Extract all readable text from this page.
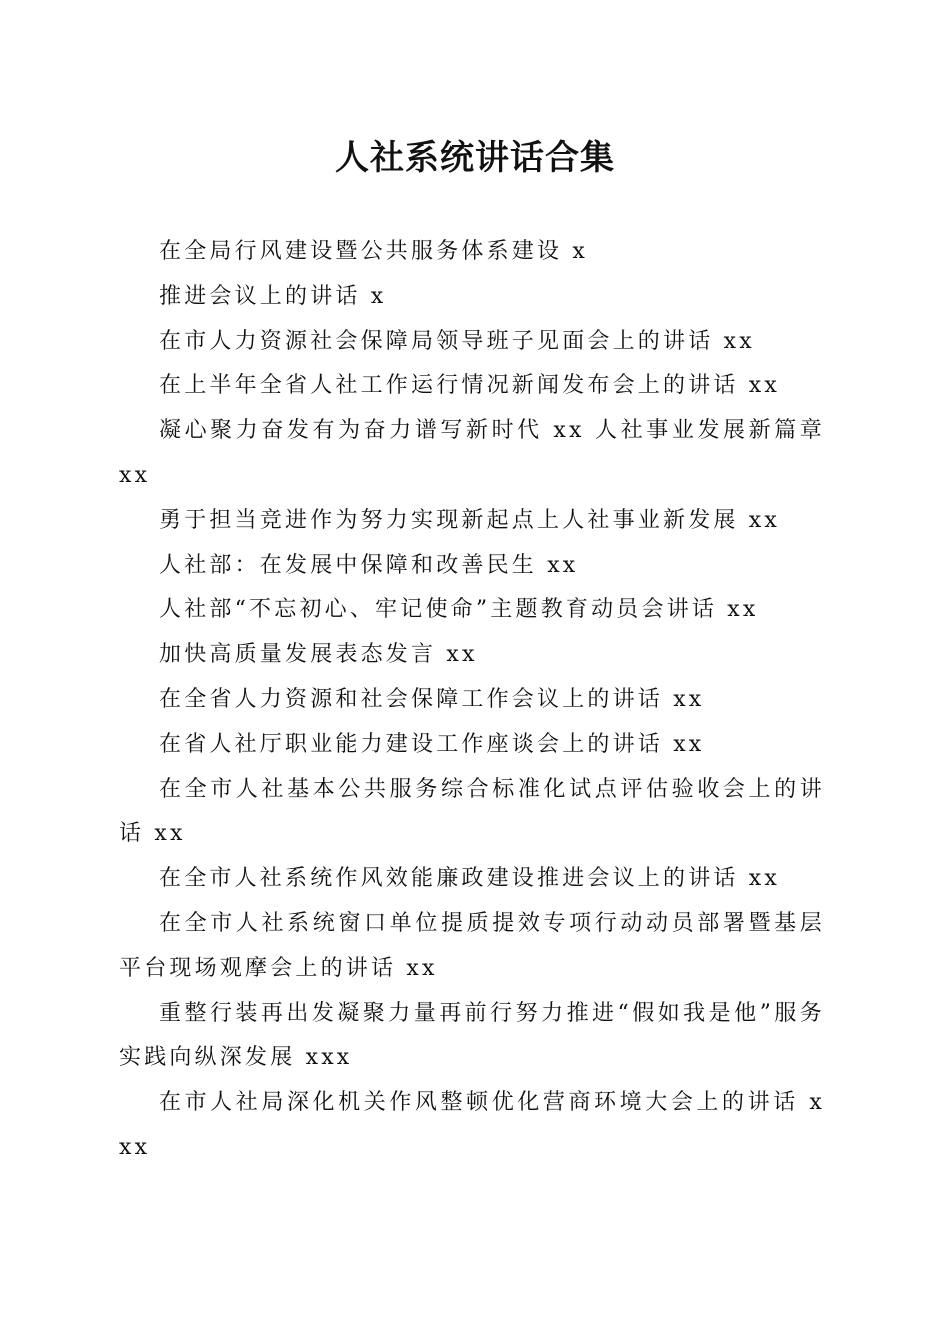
人社系统讲话合集

在全局行风建设暨公共服务体系建设 x

推进会议上的讲话 x

在市人力资源社会保障局领导班子见面会上的讲话 xx

在上半年全省人社工作运行情况新闻发布会上的讲话 xx

凝心聚力奋发有为奋力谱写新时代 xx 人社事业发展新篇章 xx

勇于担当竞进作为努力实现新起点上人社事业新发展 xx

人社部：在发展中保障和改善民生 xx

人社部“不忘初心、牢记使命”主题教育动员会讲话 xx

加快高质量发展表态发言 xx

在全省人力资源和社会保障工作会议上的讲话 xx

在省人社厅职业能力建设工作座谈会上的讲话 xx

在全市人社基本公共服务综合标准化试点评估验收会上的讲话 xx

在全市人社系统作风效能廉政建设推进会议上的讲话 xx

在全市人社系统窗口单位提质提效专项行动动员部署暨基层平台现场观摩会上的讲话 xx

重整行装再出发凝聚力量再前行努力推进“假如我是他”服务实践向纵深发展 xxx

在市人社局深化机关作风整顿优化营商环境大会上的讲话 xxx
